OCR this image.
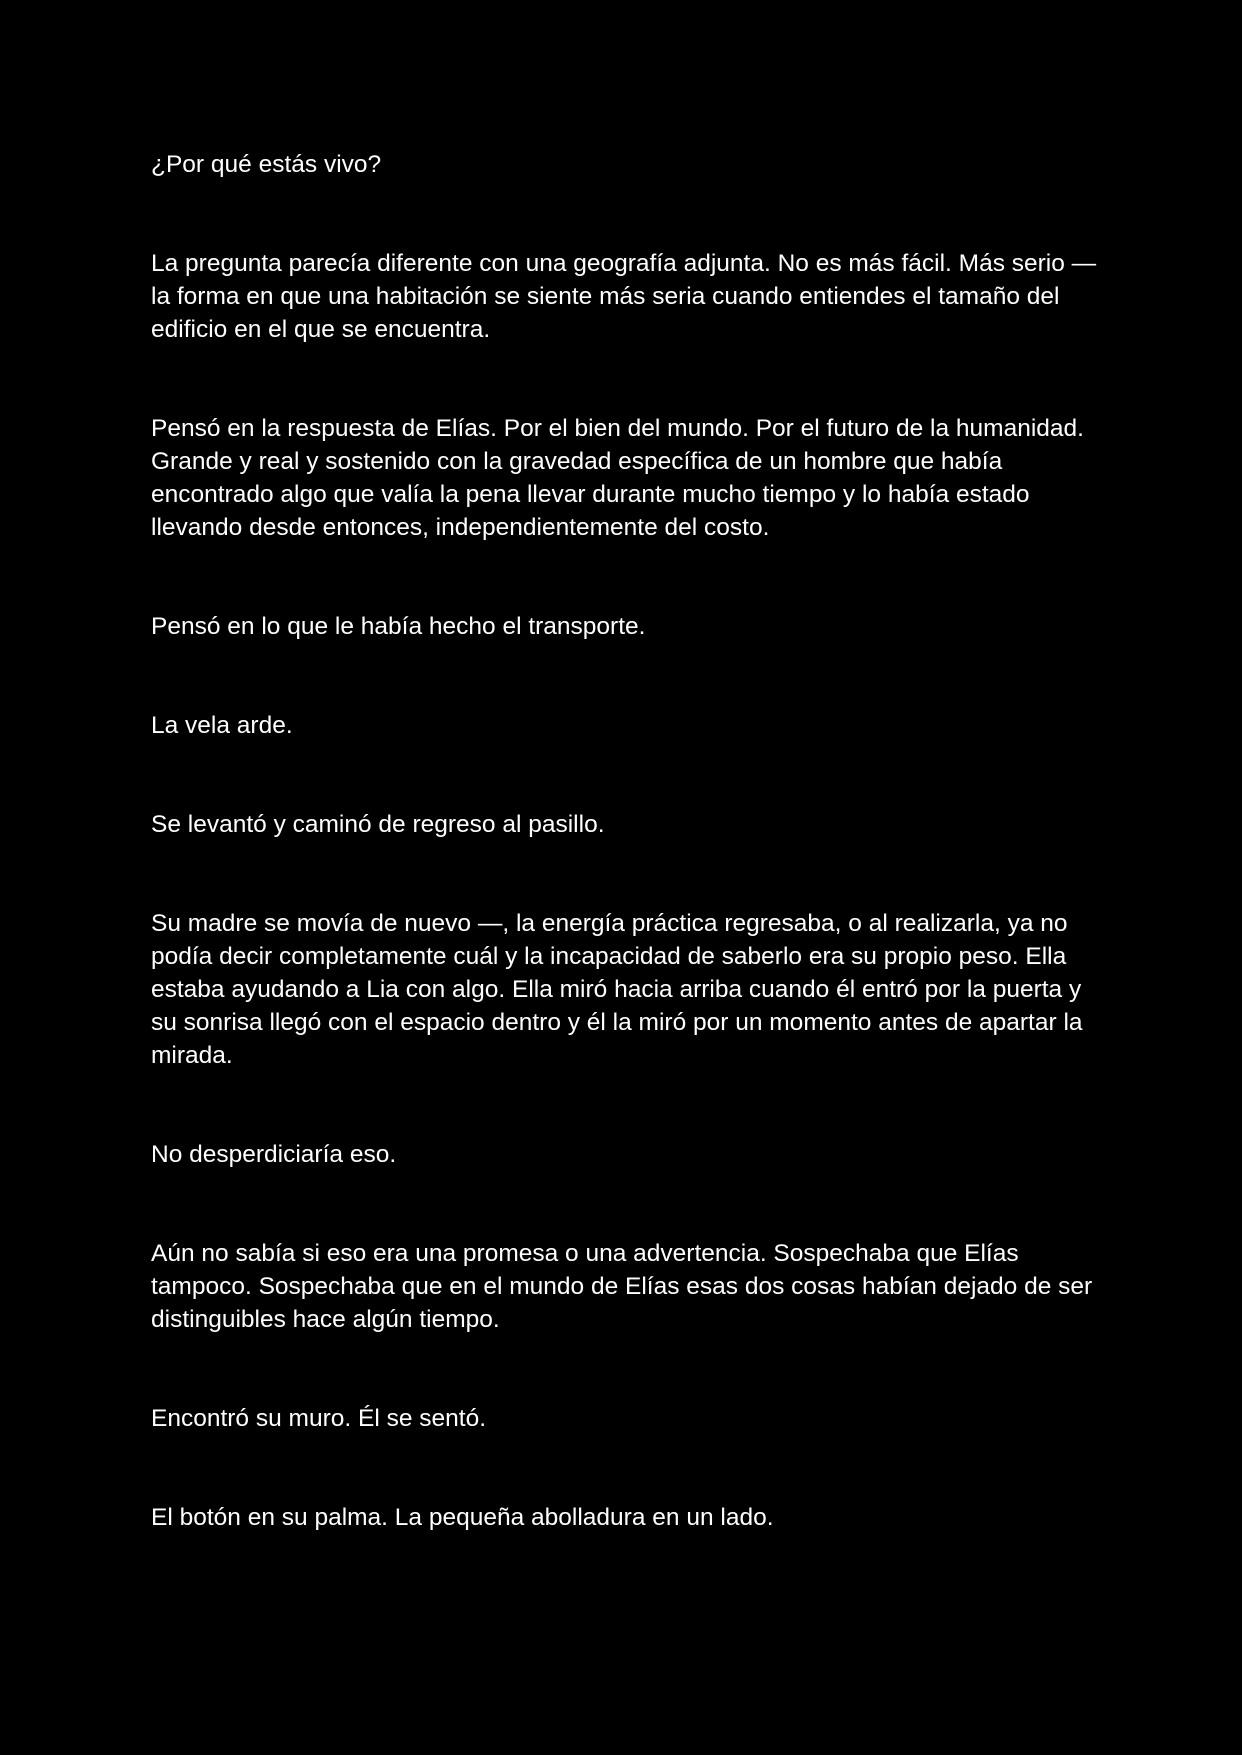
¿Por qué estás vivo?

La pregunta parecía diferente con una geografía adjunta. No es más fácil. Más serio — la forma en que una habitación se siente más seria cuando entiendes el tamaño del edificio en el que se encuentra.

Pensó en la respuesta de Elías. Por el bien del mundo. Por el futuro de la humanidad. Grande y real y sostenido con la gravedad específica de un hombre que había encontrado algo que valía la pena llevar durante mucho tiempo y lo había estado llevando desde entonces, independientemente del costo.

Pensó en lo que le había hecho el transporte.

La vela arde.

Se levantó y caminó de regreso al pasillo.

Su madre se movía de nuevo —, la energía práctica regresaba, o al realizarla, ya no podía decir completamente cuál y la incapacidad de saberlo era su propio peso. Ella estaba ayudando a Lia con algo. Ella miró hacia arriba cuando él entró por la puerta y su sonrisa llegó con el espacio dentro y él la miró por un momento antes de apartar la mirada.

No desperdiciaría eso.

Aún no sabía si eso era una promesa o una advertencia. Sospechaba que Elías tampoco. Sospechaba que en el mundo de Elías esas dos cosas habían dejado de ser distinguibles hace algún tiempo.

Encontró su muro. Él se sentó.

El botón en su palma. La pequeña abolladura en un lado.
